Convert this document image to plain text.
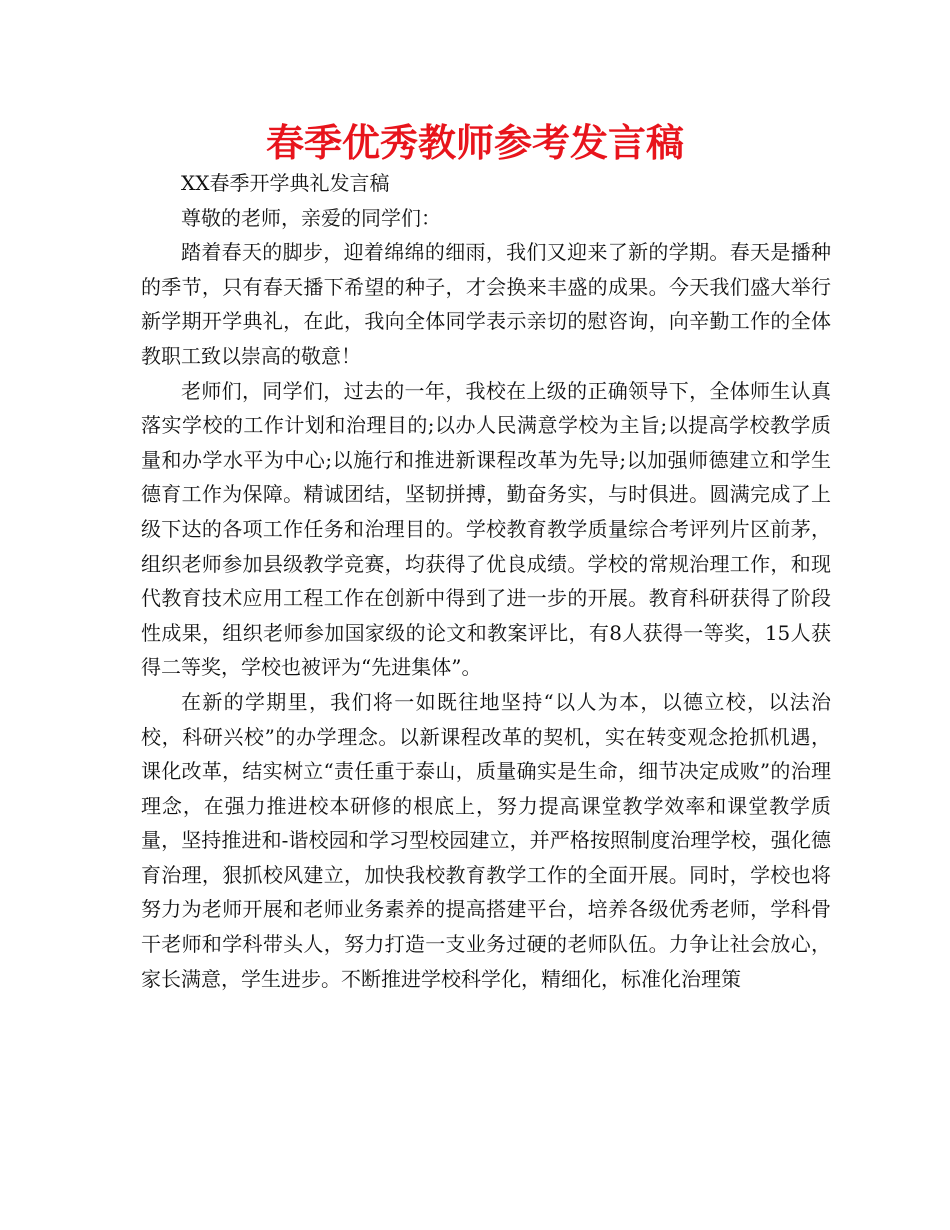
春季优秀教师参考发言稿

XX春季开学典礼发言稿

尊敬的老师，亲爱的同学们：

踏着春天的脚步，迎着绵绵的细雨，我们又迎来了新的学期。春天是播种的季节，只有春天播下希望的种子，才会换来丰盛的成果。今天我们盛大举行新学期开学典礼，在此，我向全体同学表示亲切的慰咨询，向辛勤工作的全体教职工致以崇高的敬意！

老师们，同学们，过去的一年，我校在上级的正确领导下，全体师生认真落实学校的工作计划和治理目的;以办人民满意学校为主旨;以提高学校教学质量和办学水平为中心;以施行和推进新课程改革为先导;以加强师德建立和学生德育工作为保障。精诚团结，坚韧拼搏，勤奋务实，与时俱进。圆满完成了上级下达的各项工作任务和治理目的。学校教育教学质量综合考评列片区前茅，组织老师参加县级教学竞赛，均获得了优良成绩。学校的常规治理工作，和现代教育技术应用工程工作在创新中得到了进一步的开展。教育科研获得了阶段性成果，组织老师参加国家级的论文和教案评比，有8人获得一等奖，15人获得二等奖，学校也被评为“先进集体”。

在新的学期里，我们将一如既往地坚持“以人为本，以德立校，以法治校，科研兴校”的办学理念。以新课程改革的契机，实在转变观念抢抓机遇，课化改革，结实树立“责任重于泰山，质量确实是生命，细节决定成败”的治理理念，在强力推进校本研修的根底上，努力提高课堂教学效率和课堂教学质量，坚持推进和-谐校园和学习型校园建立，并严格按照制度治理学校，强化德育治理，狠抓校风建立，加快我校教育教学工作的全面开展。同时，学校也将努力为老师开展和老师业务素养的提高搭建平台，培养各级优秀老师，学科骨干老师和学科带头人，努力打造一支业务过硬的老师队伍。力争让社会放心，家长满意，学生进步。不断推进学校科学化，精细化，标准化治理策
